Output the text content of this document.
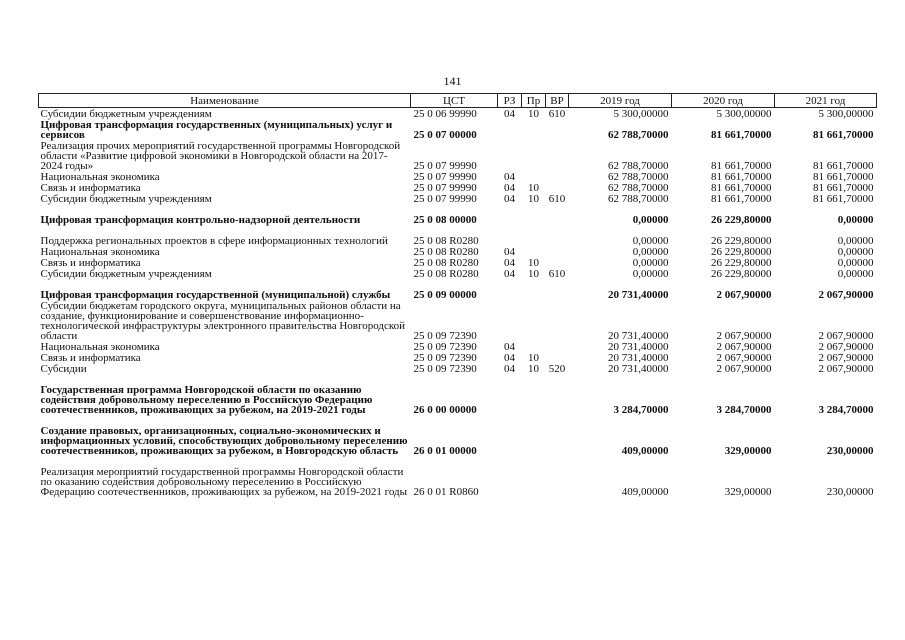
141
Наименование	ЦСТ	РЗ	Пр	ВР	2019 год	2020 год	2021 год
Субсидии бюджетным учреждениям	25 0 06 99990	04	10	610	5 300,00000	5 300,00000	5 300,00000
Цифровая трансформация государственных (муниципальных) услуг и сервисов	25 0 07 00000				62 788,70000	81 661,70000	81 661,70000
Реализация прочих мероприятий государственной программы Новгородской области «Развитие цифровой экономики в Новгородской области на 2017-2024 годы»	25 0 07 99990				62 788,70000	81 661,70000	81 661,70000
Национальная экономика	25 0 07 99990	04			62 788,70000	81 661,70000	81 661,70000
Связь и информатика	25 0 07 99990	04	10		62 788,70000	81 661,70000	81 661,70000
Субсидии бюджетным учреждениям	25 0 07 99990	04	10	610	62 788,70000	81 661,70000	81 661,70000
Цифровая трансформация контрольно-надзорной деятельности	25 0 08 00000				0,00000	26 229,80000	0,00000
Поддержка региональных проектов в сфере информационных технологий	25 0 08 R0280				0,00000	26 229,80000	0,00000
Национальная экономика	25 0 08 R0280	04			0,00000	26 229,80000	0,00000
Связь и информатика	25 0 08 R0280	04	10		0,00000	26 229,80000	0,00000
Субсидии бюджетным учреждениям	25 0 08 R0280	04	10	610	0,00000	26 229,80000	0,00000
Цифровая трансформация государственной (муниципальной) службы	25 0 09 00000				20 731,40000	2 067,90000	2 067,90000
Субсидии бюджетам городского округа, муниципальных районов области на создание, функционирование и совершенствование информационно-технологической инфраструктуры электронного правительства Новгородской области	25 0 09 72390				20 731,40000	2 067,90000	2 067,90000
Национальная экономика	25 0 09 72390	04			20 731,40000	2 067,90000	2 067,90000
Связь и информатика	25 0 09 72390	04	10		20 731,40000	2 067,90000	2 067,90000
Субсидии	25 0 09 72390	04	10	520	20 731,40000	2 067,90000	2 067,90000
Государственная программа Новгородской области по оказанию содействия добровольному переселению в Российскую Федерацию соотечественников, проживающих за рубежом, на 2019-2021 годы	26 0 00 00000				3 284,70000	3 284,70000	3 284,70000
Создание правовых, организационных, социально-экономических и информационных условий, способствующих добровольному переселению соотечественников, проживающих за рубежом, в Новгородскую область	26 0 01 00000				409,00000	329,00000	230,00000
Реализация мероприятий государственной программы Новгородской области по оказанию содействия добровольному переселению в Российскую Федерацию соотечественников, проживающих за рубежом, на 2019-2021 годы	26 0 01 R0860				409,00000	329,00000	230,00000
